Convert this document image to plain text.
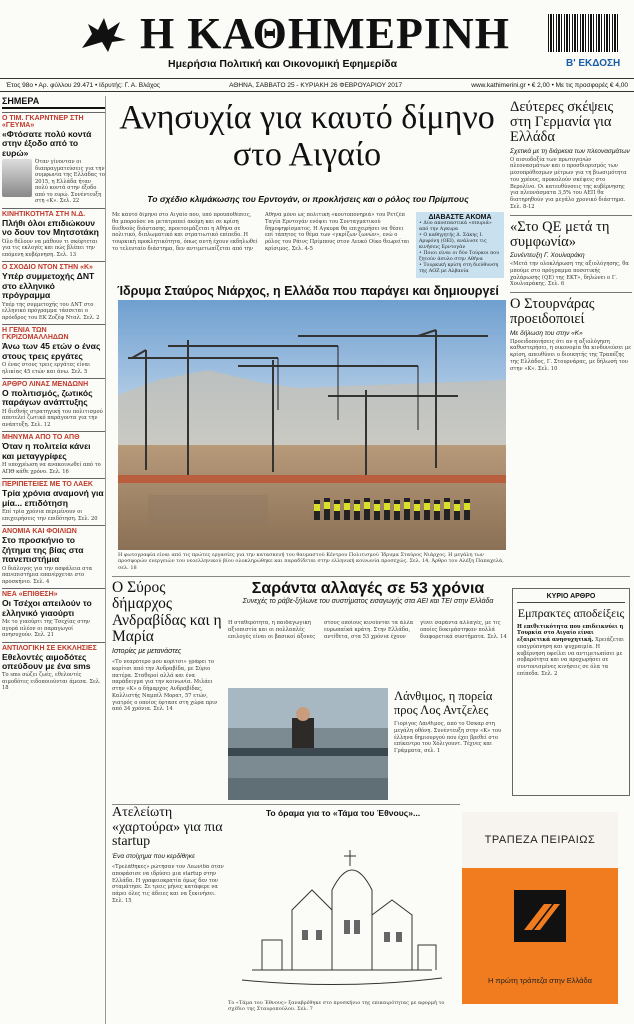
Η ΚΑΘΗΜΕΡΙΝΗ
Ημερήσια Πολιτική και Οικονομική Εφημερίδα	Β' ΕΚΔΟΣΗ
Έτος 98ο • Αρ. φύλλου 29.471 • Ιδρυτής: Γ. Α. Βλάχος	ΑΘΗΝΑ, ΣΑΒΒΑΤΟ 25 - ΚΥΡΙΑΚΗ 26 ΦΕΒΡΟΥΑΡΙΟΥ 2017	www.kathimerini.gr • € 2,00 • Με τις προσφορές € 4,00
ΣΗΜΕΡΑ
Ο ΤΙΜ. ΓΚΑΡΝΤΝΕΡ ΣΤΗ «ΓΕΥΜΑ»
«Φτόσατε πολύ κοντά στην έξοδο από το ευρώ»
Όταν γίνονταν οι διαπραγματεύσεις για την συμφωνία της Ελλάδας το 2015, η Ελλάδα ήταν πολύ κοντά στην έξοδο από το ευρώ. Συνέντευξη στη «Κ». Σελ. 22
ΚΙΝΗΤΙΚΟΤΗΤΑ ΣΤΗ Ν.Δ.
Πλήθι όλοι επιδιώκουν νο δουν τον Μητσοτάκη
Όλο θέλουν να μάθουν τι σκέφτεται για τις εκλογές και πώς βλέπει την επόμενη κυβέρνηση. Σελ. 13
Ο ΣΧΟΔΙΟ ΝΤΟΝ ΣΤΗΝ «Κ»
Υπέρ συμμετοχής ΔΝΤ στο ελληνικό πρόγραμμα
Υπέρ της συμμετοχής του ΔΝΤ στο ελληνικό πρόγραμμα τάσσεται ο πρόεδρος του ΕΚ Ζοζέφ Νταλ. Σελ. 2
Η ΓΕΝΙΑ ΤΩΝ ΓΚΡΙΖΟΜΑΛΛΗΔΩΝ
Άνω των 45 ετών ο ένας στους τρεις εργάτες
Ο ένας στους τρεις εργάτες είναι ηλικίας 45 ετών και άνω. Σελ. 5
ΑΡΘΡΟ ΛΙΝΑΣ ΜΕΝΔΩΝΗ
Ο πολιτισμός, ζωτικός παράγων ανάπτυξης
Η διεθνής στρατηγική του πολιτισμού αποτελεί ζωτικό παράγοντα για την ανάπτυξη. Σελ. 12
ΜΗΝΥΜΑ ΑΠΟ ΤΟ ΑΠΘ
Όταν η πολιτεία κάνει και μεταγγρίφες
Η υποχρέωση να ανακοινωθεί από το ΑΠΘ κάθε χρόνο. Σελ. 16
ΠΕΡΙΠΕΤΕΙΕΣ ΜΕ ΤΟ ΛΑΕΚ
Τρία χρόνια αναμονή για μία... επιδότηση
Επί τρία χρόνια περιμένουν οι επιχειρήσεις την επιδότηση. Σελ. 20
ΑΝΟΜΙΑ ΚΑΙ ΦΟΙΛΙΩΝ
Στο προσκήνιο το ζήτημα της βίας στα πανεπιστήμια
Ο διάλογος για την ασφάλεια στα πανεπιστήμια επανέρχεται στο προσκήνιο. Σελ. 4
ΝΕΑ «ΕΠΙΘΕΣΗ»
Οι Τσέχοι απειλούν το ελληνικό γιαούρτι
Με το γιαούρτι της Τσεχίας στην αγορά πλέον οι παραγωγοί ανησυχούν. Σελ. 21
ΑΝΤΙΛΟΓΙΚΗ ΣΕ ΕΚΚΛΗΣΙΕΣ
Εθελοντές αιμοδότες οπεύδουν με ένα sms
Το sms σώζει ζωές, εθελοντές αιμοδότες ειδοποιούνται άμεσα. Σελ. 18
Ανησυχία για καυτό δίμηνο στο Αιγαίο
Το σχέδιο κλιμάκωσης του Ερντογάν, οι προκλήσεις και ο ρόλος του Πρίμπους
Με καυτό δίμηνο στο Αιγαίο που, υπό προϋποθέσεις, θα μπορούσε να μετατραπεί ακόμη και σε κρίση διεθνούς διάστασης, προετοιμάζεται η Αθήνα σε πολιτικό, διπλωματικό και στρατιωτικό επίπεδο. Η τουρκική προκλητικότητα, όπως αυτή έχουν εκδηλωθεί το τελευταίο διάστημα, δεν αντιμετωπίζεται από την Αθήνα μόνο ως πολιτική «κουτοπονηριά» του Ρετζέπ Ταγίπ Ερντογάν ενόψει του Συνταγματικού δημοψηφίσματος. Η Αγκυρα θα επιχειρήσει να θέσει επί τάπητος το θέμα των «γκρίζων ζωνών», ενώ ο ρόλος του Ράινς Πρίμπους στον Λευκό Οίκο θεωρείται κρίσιμος. Σελ. 4-5
ΔΙΑΒΑΣΤΕ ΑΚΟΜΑ
• Δύο αποσπαστικά «σπυριά» από την Αγκυρα
• Ο καθηγητής Δ. Σάκης Ι. Αριφόνη (ΟΕΙ), ανάλυσε τις κινήσεις Ερντογάν
• Ποιοι είναι οι δύο Τούρκοι που ζητούν άσυλο στην Αθήνα
• Τουρκική κρίση στη διεύθυνση της ΑΟΖ με Αλβανία
Ίδρυμα Σταύρος Νιάρχος, η Ελλάδα που παράγει και δημιουργεί
Η φωτογραφία είναι από τις πρώτες εργασίες για την κατασκευή του θαυμαστού Κέντρου Πολιτισμού Ίδρυμα Σταύρος Νιάρχος. Η μεγάλη των προσφορών ενεργειών του νεοελληνικού βίου ολοκληρώθηκε και παραδίδεται στην ελληνική κοινωνία προσεχώς. Σελ. 14, Άρθρο του Αλέξη Παπαχελά, σελ. 18
Δεύτερες σκέψεις στη Γερμανία για Ελλάδα
Σχετικά με τη διάρκεια των πλεονασμάτων
Ο αισιοδοξία των πρωτογενών πλεονασμάτων και ο προσδιορισμός των μεσοπρόθεσμων μέτρων για τη βιωσιμότητα του χρέους, προκαλούν σκέψεις στο Βερολίνο. Οι κατευθύνσεις της κυβέρνησης για πλεονάσματα 3,5% του ΑΕΠ θα διατηρηθούν για μεγάλο χρονικό διάστημα. Σελ. 8-12
«Στο QE μετά τη συμφωνία»
Συνέντευξη Γ. Χουλιαράκη
«Μετά την ολοκλήρωση της αξιολόγησης, θα μπούμε στο πρόγραμμα ποσοτικής χαλάρωσης (QE) της ΕΚΤ», δηλώνει ο Γ. Χουλιαράκης. Σελ. 6
Ο Στουρνάρας προειδοποιεί
Με δήλωση του στην «Κ»
Προειδοποιήσεις ότι αν η αξιολόγηση καθυστερήσει, η οικονομία θα κινδυνεύσει με κρίση, απευθύνει ο διοικητής της Τραπέζης της Ελλάδος, Γ. Στουρνάρας, με δήλωσή του στην «Κ». Σελ. 10
Ο Σύρος δήμαρχος Ανδραβίδας και η Μαρία
Ιστορίες με μετανάστες
«Το νεαρότερο μου κορίτσι» γράφει το κορίτσι από την Ανδραβίδα, με Σύριο πατέρα. Σταθεροί αλλά και ένα παράδειγμα για την κοινωνία. Μιλάει στην «Κ» ο δήμαρχος Ανδραβίδας, Καλλιστής Ναμπίλ Μορατ, 57 ετών, γιατρός ο οποίος έφτασε στη χώρα πριν από 34 χρόνια. Σελ. 14
Σαράντα αλλαγές σε 53 χρόνια
Συνεχές το ράβε-ξήλωνε του συστήματος εισαγωγής στα ΑΕΙ και ΤΕΙ στην Ελλάδα
Η σταθερότητα, η παιδαγωγική αξιοπιστία και οι πολλαπλές επιλογές είναι οι βασικοί άξονες στους οποίους κινούνται τα άλλα ευρωπαϊκά κράτη. Στην Ελλάδα, αντίθετα, στα 53 χρόνια έχουν γίνει σαράντα αλλαγές, με τις οποίες δοκιμάστηκαν πολλά διαφορετικά συστήματα. Σελ. 14
Λάνθιμος, η πορεία προς Λος Αντζελες
Γιορίγος Λάνθιμος, από το Όσκαρ στη μεγάλη οθόνη. Συνέντευξη στην «Κ» του έλληνα δημιουργού που έχει βρεθεί στο επίκεντρο του Χόλιγουντ. Τέχνες και Γράμματα, σελ. 1
ΚΥΡΙΟ ΑΡΘΡΟ
Εμπρακτες αποδείξεις
Η επιθετικότητα που επιδεικνύει η Τουρκία στο Αιγαίο είναι εξαιρετικά ανησυχητική. Χρειάζεται επαγρύπνηση και ψυχραιμία. Η κυβέρνηση οφείλει να αντιμετωπίσει με σοβαρότητα και να προχωρήσει σε συντονισμένες κινήσεις σε όλα τα επίπεδα. Σελ. 2
Ατελείωτη «χαρτούρα» για πια startup
Ένα στοίχημα που κερδίθηκε
«Τρελάθηκες» ρώτησαν τον Λεωνίδα όταν αποφάσισε να ιδρύσει μια startup στην Ελλάδα. Η γραφειοκρατία όμως δεν τον σταμάτησε. Σε τρεις μήνες κατάφερε να πάρει όλες τις άδειες και να ξεκινήσει. Σελ. 15
Το όραμα για το «Τάμα του Έθνους»...
Το «Τάμα του Έθνους» ξαναβρέθηκε στο προσκήνιο της επικαιρότητας με αφορμή το σχέδιο της Σταυροπούλου. Σελ. 7
ΤΡΑΠΕΖΑ ΠΕΙΡΑΙΩΣ
Η πρώτη τράπεζα στην Ελλάδα
